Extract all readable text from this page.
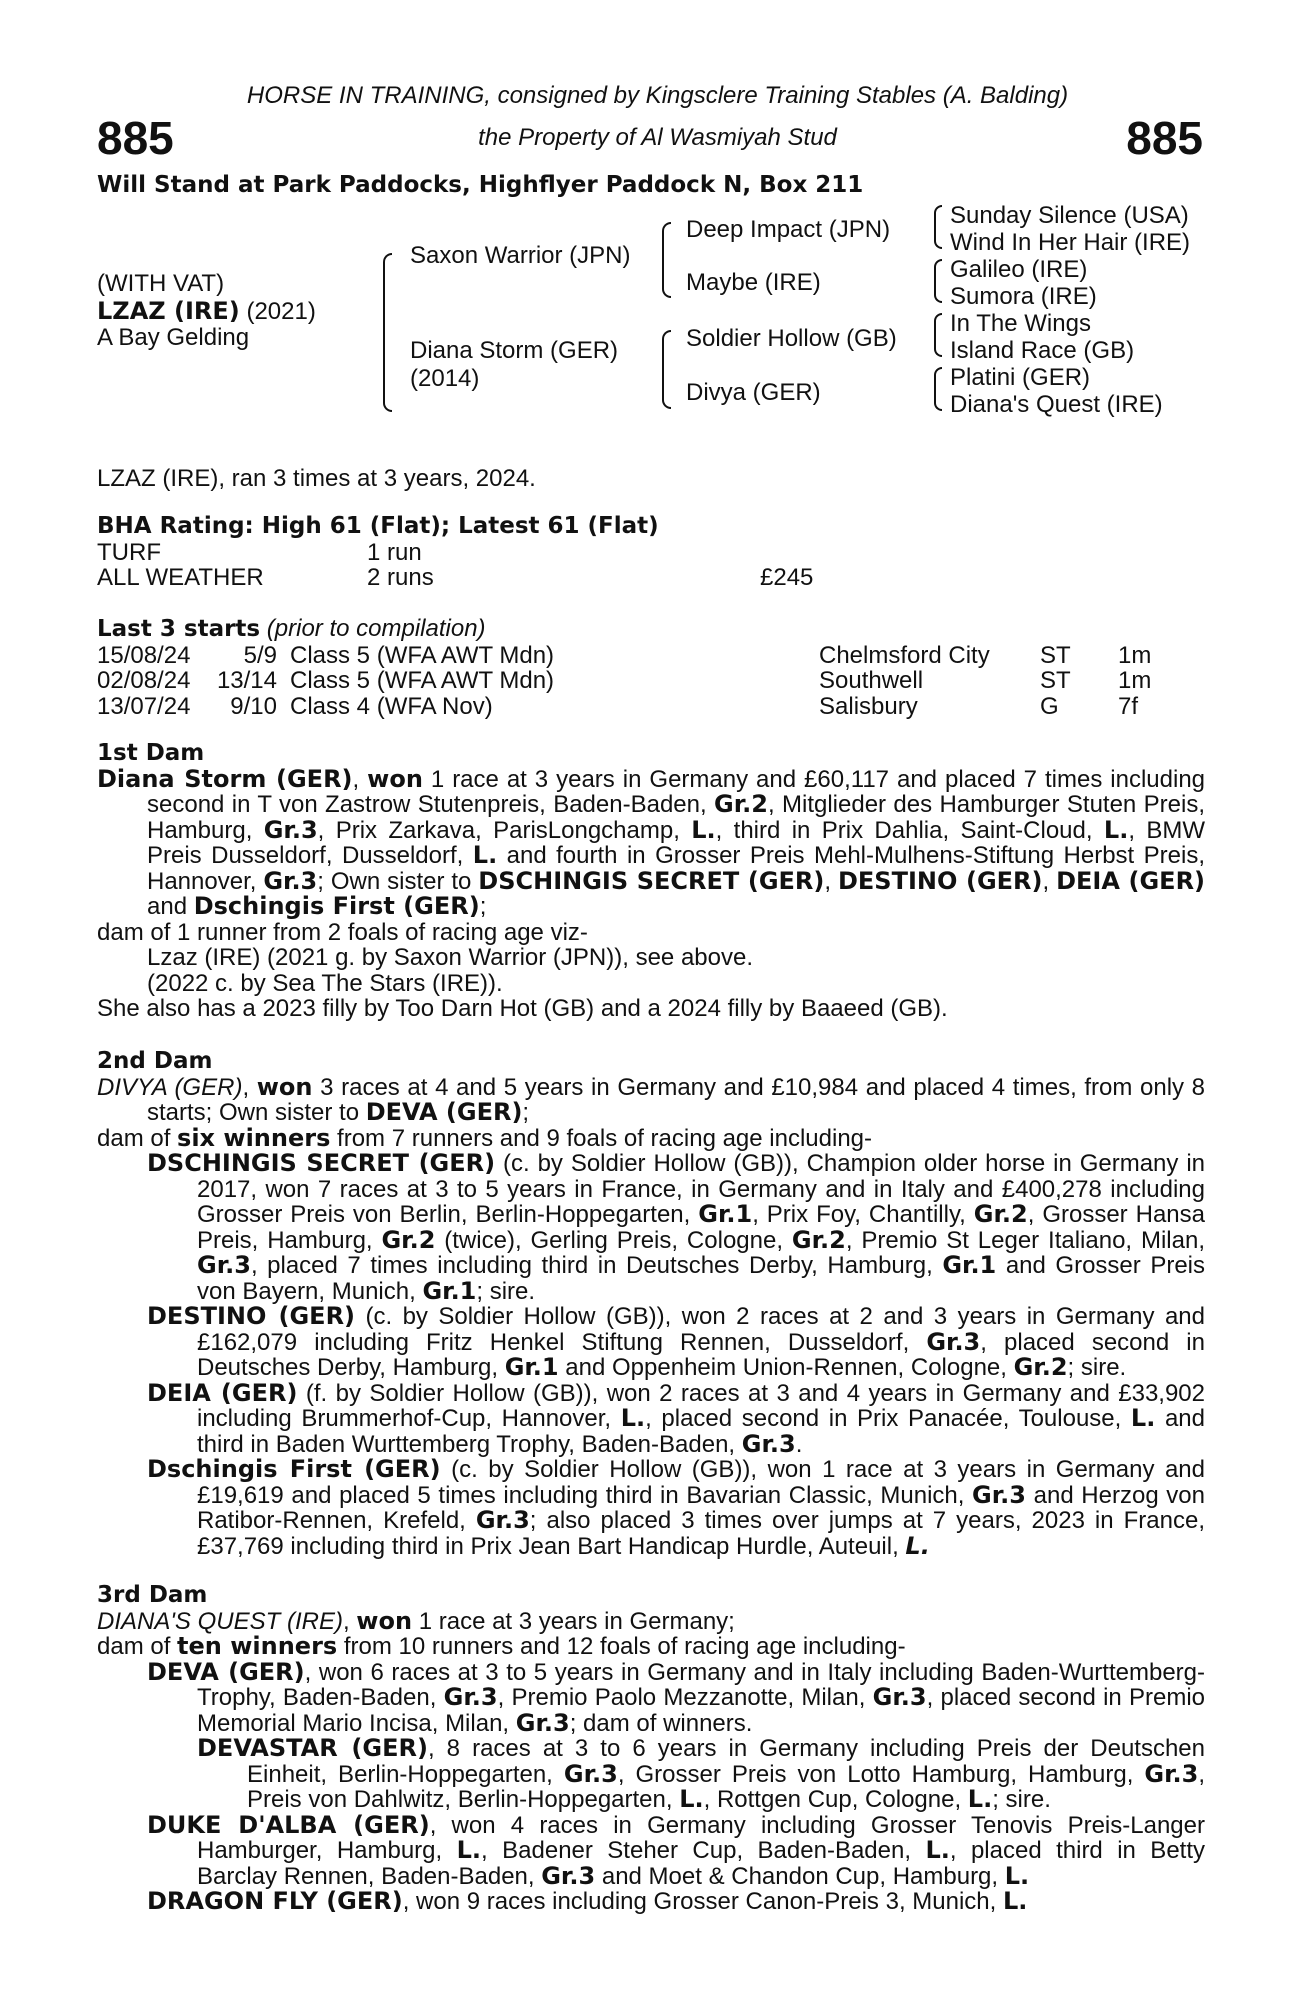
HORSE IN TRAINING, consigned by Kingsclere Training Stables (A. Balding)
885	the Property of Al Wasmiyah Stud	885
Will Stand at Park Paddocks, Highflyer Paddock N, Box 211
(WITH VAT)
LZAZ (IRE) (2021)
A Bay Gelding
Saxon Warrior (JPN)
Diana Storm (GER)
(2014)
Deep Impact (JPN)
Maybe (IRE)
Soldier Hollow (GB)
Divya (GER)
Sunday Silence (USA)
Wind In Her Hair (IRE)
Galileo (IRE)
Sumora (IRE)
In The Wings
Island Race (GB)
Platini (GER)
Diana's Quest (IRE)
LZAZ (IRE), ran 3 times at 3 years, 2024.
BHA Rating: High 61 (Flat); Latest 61 (Flat)
TURF	1 run
ALL WEATHER	2 runs	£245
Last 3 starts (prior to compilation)
15/08/24 5/9 Class 5 (WFA AWT Mdn)	Chelmsford City ST 1m
02/08/24 13/14 Class 5 (WFA AWT Mdn)	Southwell	ST 1m
13/07/24 9/10 Class 4 (WFA Nov)	Salisbury	G 7f
1st Dam

Diana Storm (GER), won 1 race at 3 years in Germany and £60,117 and placed 7 times including second in T von Zastrow Stutenpreis, Baden-Baden, Gr.2, Mitglieder des Hamburger Stuten Preis, Hamburg, Gr.3, Prix Zarkava, ParisLongchamp, L., third in Prix Dahlia, Saint-Cloud, L., BMW Preis Dusseldorf, Dusseldorf, L. and fourth in Grosser Preis Mehl-Mulhens-Stiftung Herbst Preis, Hannover, Gr.3; Own sister to DSCHINGIS SECRET (GER), DESTINO (GER), DEIA (GER) and Dschingis First (GER);

dam of 1 runner from 2 foals of racing age viz-

Lzaz (IRE) (2021 g. by Saxon Warrior (JPN)), see above.

(2022 c. by Sea The Stars (IRE)).

She also has a 2023 filly by Too Darn Hot (GB) and a 2024 filly by Baaeed (GB).

2nd Dam

DIVYA (GER), won 3 races at 4 and 5 years in Germany and £10,984 and placed 4 times, from only 8 starts; Own sister to DEVA (GER);

dam of six winners from 7 runners and 9 foals of racing age including-

DSCHINGIS SECRET (GER) (c. by Soldier Hollow (GB)), Champion older horse in Germany in 2017, won 7 races at 3 to 5 years in France, in Germany and in Italy and £400,278 including Grosser Preis von Berlin, Berlin-Hoppegarten, Gr.1, Prix Foy, Chantilly, Gr.2, Grosser Hansa Preis, Hamburg, Gr.2 (twice), Gerling Preis, Cologne, Gr.2, Premio St Leger Italiano, Milan, Gr.3, placed 7 times including third in Deutsches Derby, Hamburg, Gr.1 and Grosser Preis von Bayern, Munich, Gr.1; sire.

DESTINO (GER) (c. by Soldier Hollow (GB)), won 2 races at 2 and 3 years in Germany and £162,079 including Fritz Henkel Stiftung Rennen, Dusseldorf, Gr.3, placed second in Deutsches Derby, Hamburg, Gr.1 and Oppenheim Union-Rennen, Cologne, Gr.2; sire.

DEIA (GER) (f. by Soldier Hollow (GB)), won 2 races at 3 and 4 years in Germany and £33,902 including Brummerhof-Cup, Hannover, L., placed second in Prix Panacée, Toulouse, L. and third in Baden Wurttemberg Trophy, Baden-Baden, Gr.3.

Dschingis First (GER) (c. by Soldier Hollow (GB)), won 1 race at 3 years in Germany and £19,619 and placed 5 times including third in Bavarian Classic, Munich, Gr.3 and Herzog von Ratibor-Rennen, Krefeld, Gr.3; also placed 3 times over jumps at 7 years, 2023 in France, £37,769 including third in Prix Jean Bart Handicap Hurdle, Auteuil, L.

3rd Dam

DIANA'S QUEST (IRE), won 1 race at 3 years in Germany;

dam of ten winners from 10 runners and 12 foals of racing age including-

DEVA (GER), won 6 races at 3 to 5 years in Germany and in Italy including Baden-Wurttemberg-Trophy, Baden-Baden, Gr.3, Premio Paolo Mezzanotte, Milan, Gr.3, placed second in Premio Memorial Mario Incisa, Milan, Gr.3; dam of winners.

DEVASTAR (GER), 8 races at 3 to 6 years in Germany including Preis der Deutschen Einheit, Berlin-Hoppegarten, Gr.3, Grosser Preis von Lotto Hamburg, Hamburg, Gr.3, Preis von Dahlwitz, Berlin-Hoppegarten, L., Rottgen Cup, Cologne, L.; sire.

DUKE D'ALBA (GER), won 4 races in Germany including Grosser Tenovis Preis-Langer Hamburger, Hamburg, L., Badener Steher Cup, Baden-Baden, L., placed third in Betty Barclay Rennen, Baden-Baden, Gr.3 and Moet & Chandon Cup, Hamburg, L.

DRAGON FLY (GER), won 9 races including Grosser Canon-Preis 3, Munich, L.
